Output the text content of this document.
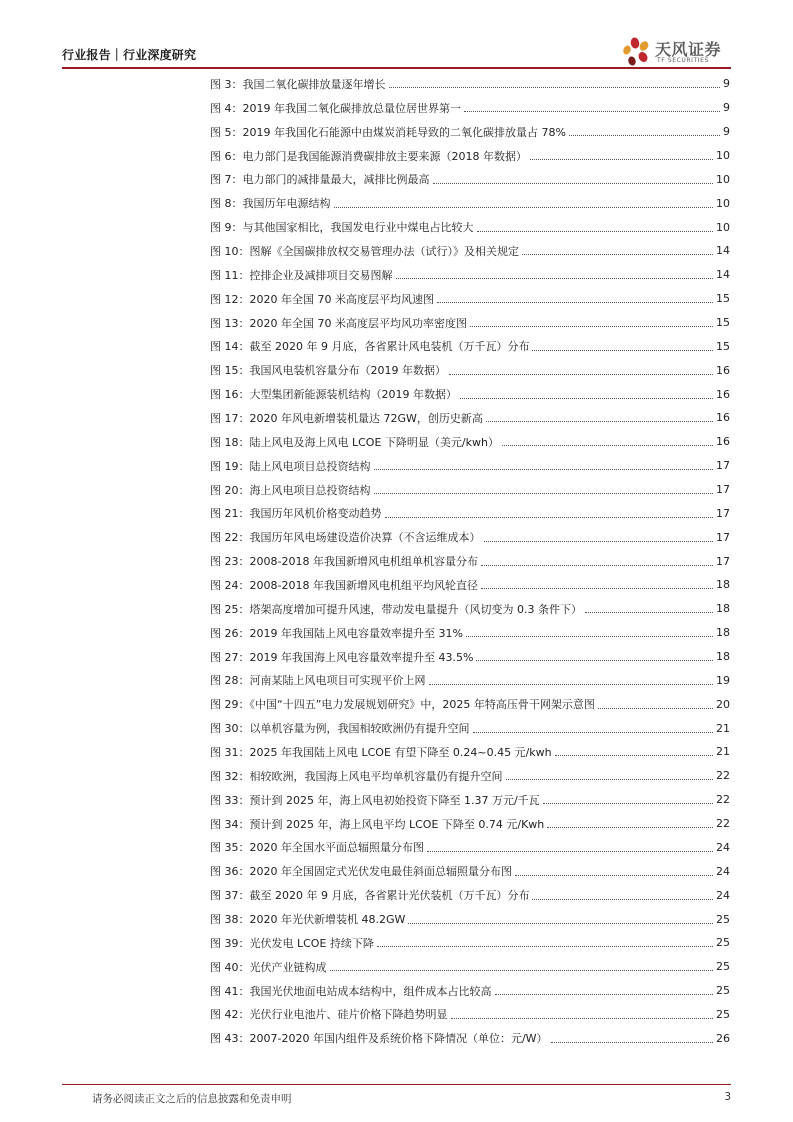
行业报告｜行业深度研究	天风证券
TF SECURITIES
图 3：我国二氧化碳排放量逐年增长	9
图 4：2019 年我国二氧化碳排放总量位居世界第一	9
图 5：2019 年我国化石能源中由煤炭消耗导致的二氧化碳排放量占 78%	9
图 6：电力部门是我国能源消费碳排放主要来源（2018 年数据）	10
图 7：电力部门的减排量最大，减排比例最高	10
图 8：我国历年电源结构	10
图 9：与其他国家相比，我国发电行业中煤电占比较大	10
图 10：图解《全国碳排放权交易管理办法（试行）》及相关规定	14
图 11：控排企业及减排项目交易图解	14
图 12：2020 年全国 70 米高度层平均风速图	15
图 13：2020 年全国 70 米高度层平均风功率密度图	15
图 14：截至 2020 年 9 月底，各省累计风电装机（万千瓦）分布	15
图 15：我国风电装机容量分布（2019 年数据）	16
图 16：大型集团新能源装机结构（2019 年数据）	16
图 17：2020 年风电新增装机量达 72GW，创历史新高	16
图 18：陆上风电及海上风电 LCOE 下降明显（美元/kwh）	16
图 19：陆上风电项目总投资结构	17
图 20：海上风电项目总投资结构	17
图 21：我国历年风机价格变动趋势	17
图 22：我国历年风电场建设造价决算（不含运维成本）	17
图 23：2008-2018 年我国新增风电机组单机容量分布	17
图 24：2008-2018 年我国新增风电机组平均风轮直径	18
图 25：塔架高度增加可提升风速，带动发电量提升（风切变为 0.3 条件下）	18
图 26：2019 年我国陆上风电容量效率提升至 31%	18
图 27：2019 年我国海上风电容量效率提升至 43.5%	18
图 28：河南某陆上风电项目可实现平价上网	19
图 29：《中国“十四五”电力发展规划研究》中，2025 年特高压骨干网架示意图	20
图 30：以单机容量为例，我国相较欧洲仍有提升空间	21
图 31：2025 年我国陆上风电 LCOE 有望下降至 0.24~0.45 元/kwh	21
图 32：相较欧洲，我国海上风电平均单机容量仍有提升空间	22
图 33：预计到 2025 年，海上风电初始投资下降至 1.37 万元/千瓦	22
图 34：预计到 2025 年，海上风电平均 LCOE 下降至 0.74 元/Kwh	22
图 35：2020 年全国水平面总辐照量分布图	24
图 36：2020 年全国固定式光伏发电最佳斜面总辐照量分布图	24
图 37：截至 2020 年 9 月底，各省累计光伏装机（万千瓦）分布	24
图 38：2020 年光伏新增装机 48.2GW	25
图 39：光伏发电 LCOE 持续下降	25
图 40：光伏产业链构成	25
图 41：我国光伏地面电站成本结构中，组件成本占比较高	25
图 42：光伏行业电池片、硅片价格下降趋势明显	25
图 43：2007-2020 年国内组件及系统价格下降情况（单位：元/W）	26
请务必阅读正文之后的信息披露和免责申明	3
